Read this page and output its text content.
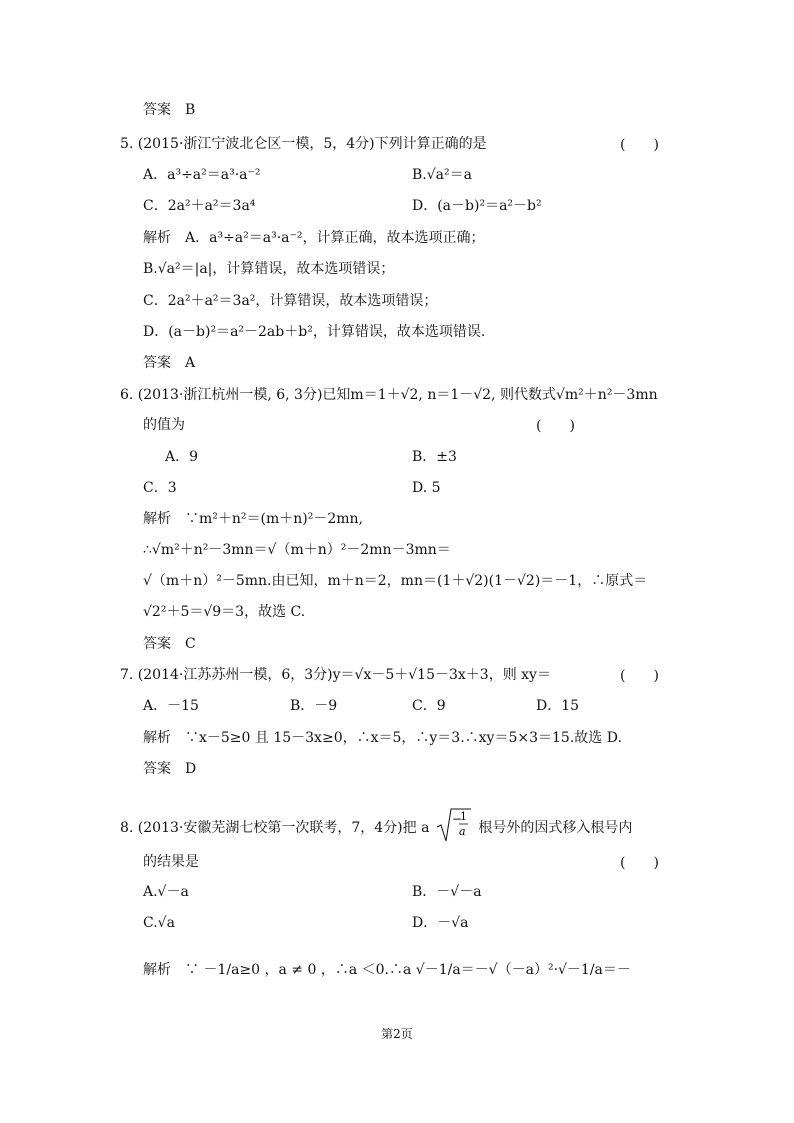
答案　B
5. (2015·浙江宁波北仑区一模，5，4分)下列计算正确的是	(　　)
A．a³÷a²＝a³·a⁻²	B.√a²＝a
C．2a²＋a²＝3a⁴	D．(a－b)²＝a²－b²
解析　A．a³÷a²＝a³·a⁻²，计算正确，故本选项正确；
B.√a²＝|a|，计算错误，故本选项错误；
C．2a²＋a²＝3a²，计算错误，故本选项错误；
D．(a－b)²＝a²－2ab＋b²，计算错误，故本选项错误.
答案　A
6. (2013·浙江杭州一模, 6, 3分)已知m＝1＋√2, n＝1－√2, 则代数式√m²＋n²－3mn
的值为	(　　)
A．9	B．±3
C．3	D. 5
解析　∵m²＋n²＝(m＋n)²－2mn,
∴√m²＋n²－3mn＝√（m＋n）²－2mn－3mn＝
√（m＋n）²－5mn.由已知，m＋n＝2，mn＝(1＋√2)(1－√2)＝－1，∴原式＝
√2²＋5＝√9＝3，故选 C.
答案　C
7. (2014·江苏苏州一模，6，3分)y＝√x－5＋√15－3x＋3，则 xy＝	(　　)
A．－15	B．－9	C．9	D．15
解析　∵x－5≥0 且 15－3x≥0，∴x＝5，∴y＝3.∴xy＝5×3＝15.故选 D.
答案　D
8. (2013·安徽芜湖七校第一次联考，7，4分)把 a
−
1
a 根号外的因式移入根号内
的结果是	(　　)
A.√－a	B．－√－a
C.√a	D．－√a
解析　∵ －1/a≥0 ，a ≠ 0 ，∴a ＜0.∴a √－1/a＝－√（－a）²·√－1/a＝－
第2页
